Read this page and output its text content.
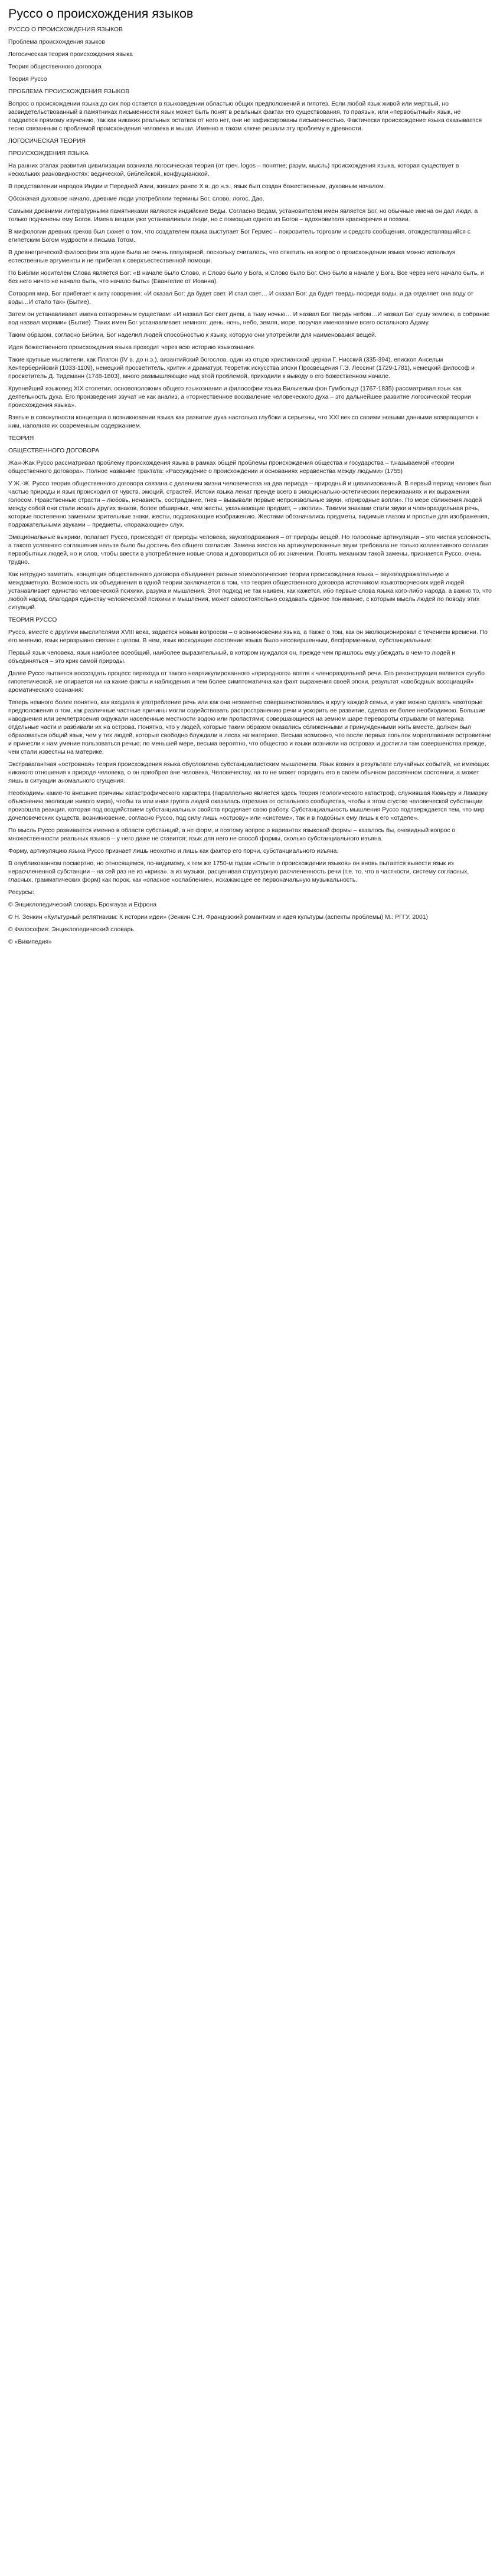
Руссо о происхождения языков

РУССО О ПРОИСХОЖДЕНИЯ ЯЗЫКОВ

Проблема происхождения языков

Логосическая теория происхождения языка

Теория общественного договора

Теория Руссо

ПРОБЛЕМА ПРОИСХОЖДЕНИЯ ЯЗЫКОВ

Вопрос о происхождении языка до сих пор остается в языковедении областью общих предположений и гипотез. Если любой язык живой или мертвый, но засвидетельствованный в памятниках письменности язык может быть понят в реальных фактах его существования, то праязык, или «первобытный» язык, не поддается прямому изучению, так как никаких реальных остатков от него нет, они не зафиксированы письменностью. Фактически происхождение языка оказывается тесно связанным с проблемой происхождения человека и мыши. Именно в таком ключе решали эту проблему в древности.

ЛОГОСИЧЕСКАЯ ТЕОРИЯ

ПРОИСХОЖДЕНИЯ ЯЗЫКА

На ранних этапах развития цивилизации возникла логосическая теория (от греч. logos – понятие; разум, мысль) происхождения языка, которая существует в нескольких разновидностях: ведической, библейской, конфуцианской.

В представлении народов Индии и Передней Азии, живших ранее Х в. до н.э., язык был создан божественным, духовным началом.

Обозначая духовное начало, древние люди употребляли термины Бог, слово, логос, Дао.

Самыми древними литературными памятниками являются индийские Веды. Согласно Ведам, установителем имен является Бог, но обычные имена он дал люди, а только подчинены ему Богов. Имена вещам уже устанавливали люди, но с помощью одного из Богов – вдохновителя красноречия и поэзии.

В мифологии древних греков был сюжет о том, что создателем языка выступает Бог Гермес – покровитель торговли и средств сообщения, отождествлявшийся с египетским Богом мудрости и письма Тотом.

В древнегреческой философии эта идея была не очень популярной, поскольку считалось, что ответить на вопрос о происхождении языка можно используя естественные аргументы и не прибегая к сверхъестественной помощи.

По Библии носителем Слова является Бог: «В начале было Слово, и Слово было у Бога, и Слово было Бог. Оно было в начале у Бога. Все через него начало быть, и без него ничто не начало быть, что начало быть» (Евангелие от Иоанна).

Сотворяя мир, Бог прибегает к акту говорения: «И сказал Бог: да будет свет. И стал свет… И сказал Бог: да будет твердь посреди воды, и да отделяет она воду от воды…И стало так» (Бытие).

Затем он устанавливает имена сотворенным существам: «И назвал Бог свет днем, а тьму ночью… И назвал Бог твердь небом…И назвал Бог сушу землею, а собрание вод назвал морями» (Бытие). Таких имен Бог устанавливает немного: день, ночь, небо, земля, море, поручая именование всего остального Адаму.

Таким образом, согласно Библии, Бог наделил людей способностью к языку, которую они употребили для наименования вещей.

Идея божественного происхождения языка проходит через всю историю языкознания.

Такие крупные мыслители, как Платон (IV в. до н.э.), византийский богослов, один из отцов христианской церкви Г. Нисский (335-394), епископ Ансельм Кентерберийский (1033-1109), немецкий просветитель, критик и драматург, теоретик искусства эпохи Просвещения Г.Э. Лессинг (1729-1781), немецкий философ и просветитель Д. Тидеманн (1748-1803), много размышляющие над этой проблемой, приходили к выводу о его божественном начале.

Крупнейший языковед XIX столетия, основоположник общего языкознания и философии языка Вильгельм фон Гумбольдт (1767-1835) рассматривал язык как деятельность духа. Его произведения звучат не как анализ, а «торжественное восхваление человеческого духа – это дальнейшее развитие логосической теории происхождения языка».

Взятые в совокупности концепции о возникновении языка как развитие духа настолько глубоки и серьезны, что XXI век со своими новыми данными возвращается к ним, наполняя их современным содержанием.

ТЕОРИЯ

ОБЩЕСТВЕННОГО ДОГОВОРА

Жан-Жак Руссо рассматривал проблему происхождения языка в рамках общей проблемы происхождения общества и государства – т.называемой «теории общественного договора». Полное название трактата: «Рассуждение о происхождении и основаниях неравенства между людьми» (1755)

У Ж.-Ж. Руссо теория общественного договора связана с делением жизни человечества на два периода – природный и цивилизованный. В первый период человек был частью природы и язык происходил от чувств, эмоций, страстей. Истоки языка лежат прежде всего в эмоционально-эстетических переживаниях и их выражении голосом. Нравственные страсти – любовь, ненависть, сострадание, гнев – вызывали первые непроизвольные звуки, «природные вопли». По мере сближения людей между собой они стали искать других знаков, более обширных, чем жесты, указывающие предмет, – «вопли». Такими знаками стали звуки и членораздельная речь, которые постепенно заменили зрительные знаки, жесты, подражающие изображению. Жестами обозначались предметы, видимые глазом и простые для изображения, подражательными звуками – предметы, «поражающие» слух.

Эмоциональные выкрики, полагает Руссо, происходят от природы человека, звукоподражания – от природы вещей. Но голосовые артикуляции – это чистая условность, а такого условного соглашения нельзя было бы достичь без общего согласия. Замена жестов на артикулированные звуки требовала не только коллективного согласия первобытных людей, но и слов, чтобы ввести в употребление новые слова и договориться об их значении. Понять механизм такой замены, признается Руссо, очень трудно.

Как нетрудно заметить, концепция общественного договора объединяет разные этимологические теории происхождения языка – звукоподражательную и междометную. Возможность их объединения в одной теории заключается в том, что теория общественного договора источником языкотворческих идей людей устанавливает единство человеческой психики, разума и мышления. Этот подход не так наивен, как кажется, ибо первые слова языка кого-либо народа, а важно то, что любой народ, благодаря единству человеческой психики и мышления, может самостоятельно создавать единое понимание, с которым мысль людей по поводу этих ситуаций.

ТЕОРИЯ РУССО

Руссо, вместе с другими мыслителями XVIII века, задается новым вопросом – о возникновении языка, а также о том, как он эволюционировал с течением времени. По его мнению, язык неразрывно связан с целом. В нем, язык восходящие состояние языка было несовершенным, бесформенным, субстанциальным:

Первый язык человека, язык наиболее всеобщий, наиболее выразительный, в котором нуждался он, прежде чем пришлось ему убеждать в чем-то людей и объединяться – это крик самой природы.

Далее Руссо пытается воссоздать процесс перехода от такого неартикулированного «природного» вопля к членораздельной речи. Его реконструкция является сугубо гипотетической, не опирается ни на какие факты и наблюдения и тем более симптоматична как факт выражения своей эпохи, результат «свободных ассоциаций» ароматического сознания:

Теперь немного более понятно, как входила в употребление речь или как она незаметно совершенствовалась в кругу каждой семьи, и уже можно сделать некоторые предположения о том, как различные частные причины могли содействовать распространению речи и ускорить ее развитие, сделав ее более необходимою. Большие наводнения или землетрясения окружали населенные местности водою или пропастями; совершающиеся на земном шаре перевороты отрывали от материка отдельные части и разбивали их на острова. Понятно, что у людей, которые таким образом оказались сближенными и принужденными жить вместе, должен был образоваться общий язык, чем у тех людей, которые свободно блуждали в лесах на материке. Весьма возможно, что после первых попыток мореплавания островитяне и принесли к нам умение пользоваться речью; по меньшей мере, весьма вероятно, что общество и языки возникли на островах и достигли там совершенства прежде, чем стали известны на материке.

Экстравагантная «островная» теория происхождения языка обусловлена субстанциалистским мышлением. Язык возник в результате случайных событий, не имеющих никакого отношения к природе человека, о он приобрел вне человека, Человечеству, на то не может породить его в своем обычном рассеянном состоянии, а может лишь в ситуации аномального сгущения.

Необходимы какие-то внешние причины катастрофического характера (параллельно является здесь теория геологического катастроф, служившая Кювьеру и Ламарку объяснению эволюции живого мира), чтобы та или иная группа людей оказалась отрезана от остального сообщества, чтобы в этом сгустке человеческой субстанции произошла реакция, которая под воздействием субстанциальных свойств проделает свою работу. Субстанциальность мышления Руссо подтверждается тем, что мир дочеловеческих существ, возникновение, согласно Руссо, под силу лишь «острову» или «системе», так и в подобных ему лишь к его «отделе».

По мысль Руссо развивается именно в области субстанций, а не форм, и поэтому вопрос о вариантах языковой формы – казалось бы, очевидный вопрос о множественности реальных языков – у него даже не ставится; язык для него не способ формы, сколько субстанциального изъяна.

Форму, артикуляцию языка Руссо признает лишь неохотно и лишь как фактор его порчи, субстанциального изъяна.

В опубликованном посмертно, но относящемся, по-видимому, к тем же 1750-м годам «Опыте о происхождении языков» он вновь пытается вывести язык из нерасчлененной субстанции – на сей раз не из «крика», а из музыки, расценивая структурную расчлененность речи (т.е. то, что в частности, систему согласных, гласных, грамматических форм) как порок, как «опасное «ослабление», искажающее ее первоначальную музыкальность.

Ресурсы:

© Энциклопедический словарь Брокгауза и Ефрона

© Н. Зенкин «Культурный релятивизм: К истории идеи» (Зенкин С.Н. Французский романтизм и идея культуры (аспекты проблемы) М.: РГГУ, 2001)

© Философия: Энциклопедический словарь

© «Википедия»
